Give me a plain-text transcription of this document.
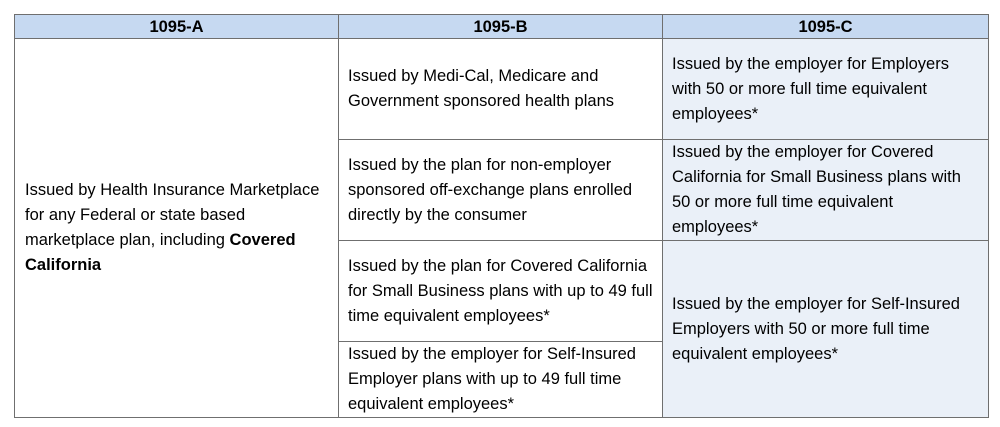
1095-A	1095-B	1095-C
Issued by Health Insurance Marketplace for any Federal or state based marketplace plan, including Covered California	Issued by Medi-Cal, Medicare and Government sponsored health plans	Issued by the employer for Employers with 50 or more full time equivalent employees*
	Issued by the plan for non-employer sponsored off-exchange plans enrolled directly by the consumer	Issued by the employer for Covered California for Small Business plans with 50 or more full time equivalent employees*
	Issued by the plan for Covered California for Small Business plans with up to 49 full time equivalent employees*	Issued by the employer for Self-Insured Employers with 50 or more full time equivalent employees*
	Issued by the employer for Self-Insured Employer plans with up to 49 full time equivalent employees*	
